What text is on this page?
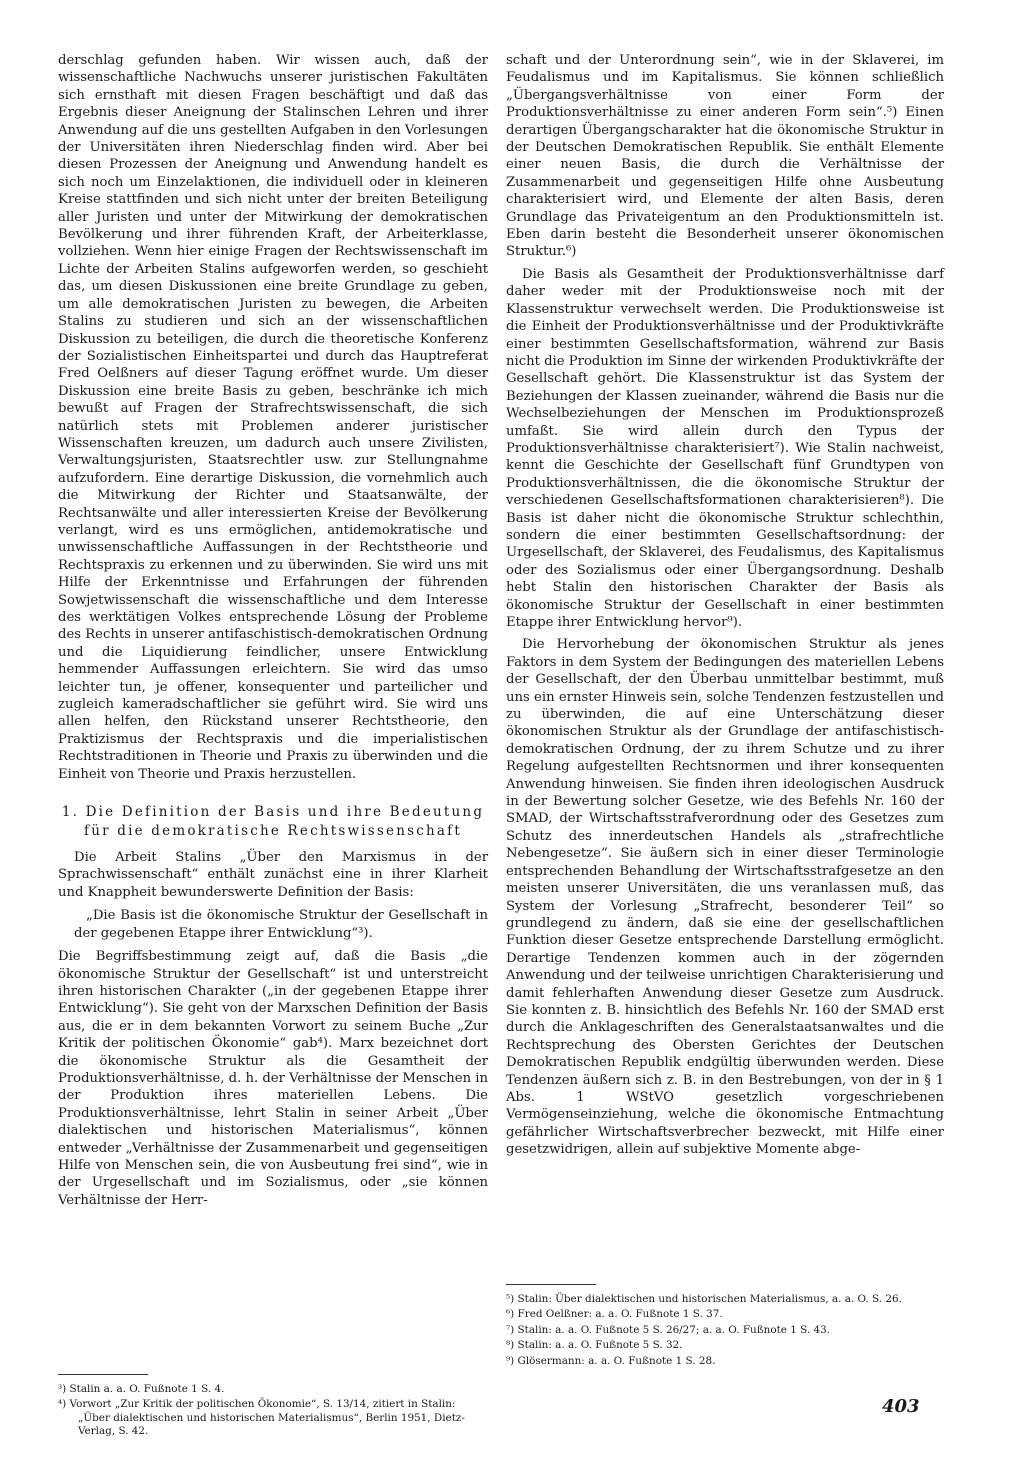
derschlag gefunden haben. Wir wissen auch, daß der wissenschaftliche Nachwuchs unserer juristischen Fakultäten sich ernsthaft mit diesen Fragen beschäftigt und daß das Ergebnis dieser Aneignung der Stalinschen Lehren und ihrer Anwendung auf die uns gestellten Aufgaben in den Vorlesungen der Universitäten ihren Niederschlag finden wird. Aber bei diesen Prozessen der Aneignung und Anwendung handelt es sich noch um Einzelaktionen, die individuell oder in kleineren Kreise stattfinden und sich nicht unter der breiten Beteiligung aller Juristen und unter der Mitwirkung der demokratischen Bevölkerung und ihrer führenden Kraft, der Arbeiterklasse, vollziehen. Wenn hier einige Fragen der Rechtswissenschaft im Lichte der Arbeiten Stalins aufgeworfen werden, so geschieht das, um diesen Diskussionen eine breite Grundlage zu geben, um alle demokratischen Juristen zu bewegen, die Arbeiten Stalins zu studieren und sich an der wissenschaftlichen Diskussion zu beteiligen, die durch die theoretische Konferenz der Sozialistischen Einheitspartei und durch das Hauptreferat Fred Oelßners auf dieser Tagung eröffnet wurde. Um dieser Diskussion eine breite Basis zu geben, beschränke ich mich bewußt auf Fragen der Strafrechtswissenschaft, die sich natürlich stets mit Problemen anderer juristischer Wissenschaften kreuzen, um dadurch auch unsere Zivilisten, Verwaltungsjuristen, Staatsrechtler usw. zur Stellungnahme aufzufordern. Eine derartige Diskussion, die vornehmlich auch die Mitwirkung der Richter und Staatsanwälte, der Rechtsanwälte und aller interessierten Kreise der Bevölkerung verlangt, wird es uns ermöglichen, antidemokratische und unwissenschaftliche Auffassungen in der Rechtstheorie und Rechtspraxis zu erkennen und zu überwinden. Sie wird uns mit Hilfe der Erkenntnisse und Erfahrungen der führenden Sowjetwissenschaft die wissenschaftliche und dem Interesse des werktätigen Volkes entsprechende Lösung der Probleme des Rechts in unserer antifaschistisch-demokratischen Ordnung und die Liquidierung feindlicher, unsere Entwicklung hemmender Auffassungen erleichtern. Sie wird das umso leichter tun, je offener, konsequenter und parteilicher und zugleich kameradschaftlicher sie geführt wird. Sie wird uns allen helfen, den Rückstand unserer Rechtstheorie, den Praktizismus der Rechtspraxis und die imperialistischen Rechtstraditionen in Theorie und Praxis zu überwinden und die Einheit von Theorie und Praxis herzustellen.

1. Die Definition der Basis und ihre Bedeutung für die demokratische Rechtswissenschaft

Die Arbeit Stalins „Über den Marxismus in der Sprachwissenschaft“ enthält zunächst eine in ihrer Klarheit und Knappheit bewunderswerte Definition der Basis:

„Die Basis ist die ökonomische Struktur der Gesellschaft in der gegebenen Etappe ihrer Entwicklung“³).

Die Begriffsbestimmung zeigt auf, daß die Basis „die ökonomische Struktur der Gesellschaft“ ist und unterstreicht ihren historischen Charakter („in der gegebenen Etappe ihrer Entwicklung“). Sie geht von der Marxschen Definition der Basis aus, die er in dem bekannten Vorwort zu seinem Buche „Zur Kritik der politischen Ökonomie“ gab⁴). Marx bezeichnet dort die ökonomische Struktur als die Gesamtheit der Produktionsverhältnisse, d. h. der Verhältnisse der Menschen in der Produktion ihres materiellen Lebens. Die Produktionsverhältnisse, lehrt Stalin in seiner Arbeit „Über dialektischen und historischen Materialismus“, können entweder „Verhältnisse der Zusammenarbeit und gegenseitigen Hilfe von Menschen sein, die von Ausbeutung frei sind“, wie in der Urgesellschaft und im Sozialismus, oder „sie können Verhältnisse der Herr-

schaft und der Unterordnung sein“, wie in der Sklaverei, im Feudalismus und im Kapitalismus. Sie können schließlich „Übergangsverhältnisse von einer Form der Produktionsverhältnisse zu einer anderen Form sein“.⁵) Einen derartigen Übergangscharakter hat die ökonomische Struktur in der Deutschen Demokratischen Republik. Sie enthält Elemente einer neuen Basis, die durch die Verhältnisse der Zusammenarbeit und gegenseitigen Hilfe ohne Ausbeutung charakterisiert wird, und Elemente der alten Basis, deren Grundlage das Privateigentum an den Produktionsmitteln ist. Eben darin besteht die Besonderheit unserer ökonomischen Struktur.⁶)

Die Basis als Gesamtheit der Produktionsverhältnisse darf daher weder mit der Produktionsweise noch mit der Klassenstruktur verwechselt werden. Die Produktionsweise ist die Einheit der Produktionsverhältnisse und der Produktivkräfte einer bestimmten Gesellschaftsformation, während zur Basis nicht die Produktion im Sinne der wirkenden Produktivkräfte der Gesellschaft gehört. Die Klassenstruktur ist das System der Beziehungen der Klassen zueinander, während die Basis nur die Wechselbeziehungen der Menschen im Produktionsprozeß umfaßt. Sie wird allein durch den Typus der Produktionsverhältnisse charakterisiert⁷). Wie Stalin nachweist, kennt die Geschichte der Gesellschaft fünf Grundtypen von Produktionsverhältnissen, die die ökonomische Struktur der verschiedenen Gesellschaftsformationen charakterisieren⁸). Die Basis ist daher nicht die ökonomische Struktur schlechthin, sondern die einer bestimmten Gesellschaftsordnung: der Urgesellschaft, der Sklaverei, des Feudalismus, des Kapitalismus oder des Sozialismus oder einer Übergangsordnung. Deshalb hebt Stalin den historischen Charakter der Basis als ökonomische Struktur der Gesellschaft in einer bestimmten Etappe ihrer Entwicklung hervor⁹).

Die Hervorhebung der ökonomischen Struktur als jenes Faktors in dem System der Bedingungen des materiellen Lebens der Gesellschaft, der den Überbau unmittelbar bestimmt, muß uns ein ernster Hinweis sein, solche Tendenzen festzustellen und zu überwinden, die auf eine Unterschätzung dieser ökonomischen Struktur als der Grundlage der antifaschistisch-demokratischen Ordnung, der zu ihrem Schutze und zu ihrer Regelung aufgestellten Rechtsnormen und ihrer konsequenten Anwendung hinweisen. Sie finden ihren ideologischen Ausdruck in der Bewertung solcher Gesetze, wie des Befehls Nr. 160 der SMAD, der Wirtschaftsstrafverordnung oder des Gesetzes zum Schutz des innerdeutschen Handels als „strafrechtliche Nebengesetze“. Sie äußern sich in einer dieser Terminologie entsprechenden Behandlung der Wirtschaftsstrafgesetze an den meisten unserer Universitäten, die uns veranlassen muß, das System der Vorlesung „Strafrecht, besonderer Teil“ so grundlegend zu ändern, daß sie eine der gesellschaftlichen Funktion dieser Gesetze entsprechende Darstellung ermöglicht. Derartige Tendenzen kommen auch in der zögernden Anwendung und der teilweise unrichtigen Charakterisierung und damit fehlerhaften Anwendung dieser Gesetze zum Ausdruck. Sie konnten z. B. hinsichtlich des Befehls Nr. 160 der SMAD erst durch die Anklageschriften des Generalstaatsanwaltes und die Rechtsprechung des Obersten Gerichtes der Deutschen Demokratischen Republik endgültig überwunden werden. Diese Tendenzen äußern sich z. B. in den Bestrebungen, von der in § 1 Abs. 1 WStVO gesetzlich vorgeschriebenen Vermögenseinziehung, welche die ökonomische Entmachtung gefährlicher Wirtschaftsverbrecher bezweckt, mit Hilfe einer gesetzwidrigen, allein auf subjektive Momente abge-

³) Stalin a. a. O. Fußnote 1 S. 4.

⁴) Vorwort „Zur Kritik der politischen Ökonomie“, S. 13/14, zitiert in Stalin: „Über dialektischen und historischen Materialismus“, Berlin 1951, Dietz-Verlag, S. 42.

⁵) Stalin: Über dialektischen und historischen Materialismus, a. a. O. S. 26.

⁶) Fred Oelßner: a. a. O. Fußnote 1 S. 37.

⁷) Stalin: a. a. O. Fußnote 5 S. 26/27; a. a. O. Fußnote 1 S. 43.

⁸) Stalin: a. a. O. Fußnote 5 S. 32.

⁹) Glösermann: a. a. O. Fußnote 1 S. 28.

403
